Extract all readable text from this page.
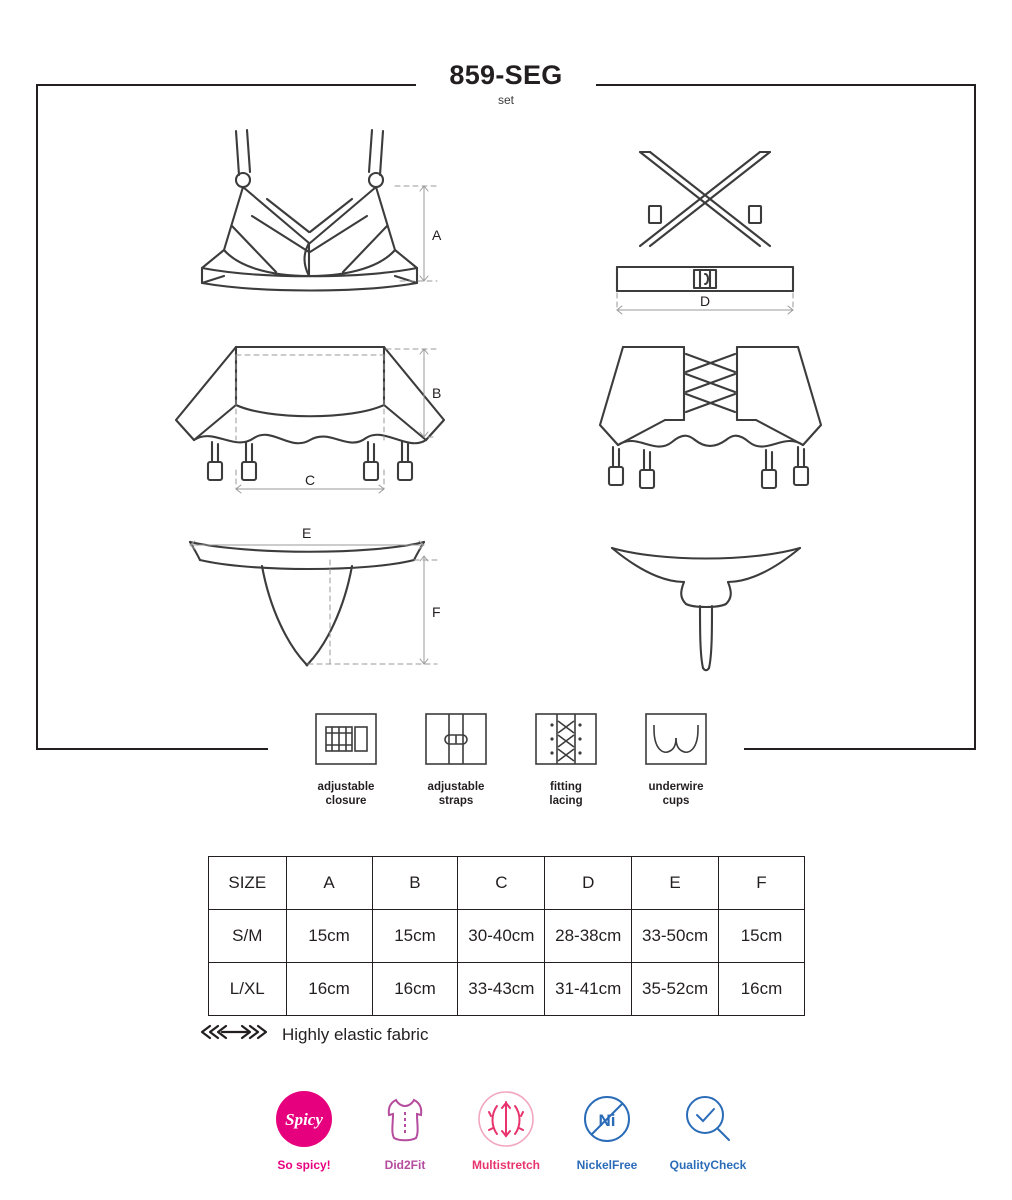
859-SEG
set
A
B
C
D
E
F
adjustable
closure
adjustable
straps
fitting
lacing
underwire
cups
SIZE	A	B	C	D	E	F
S/M	15cm	15cm	30-40cm	28-38cm	33-50cm	15cm
L/XL	16cm	16cm	33-43cm	31-41cm	35-52cm	16cm
Highly elastic fabric
Spicy
So spicy!	Did2Fit	Multistretch
Ni
NickelFree	QualityCheck
